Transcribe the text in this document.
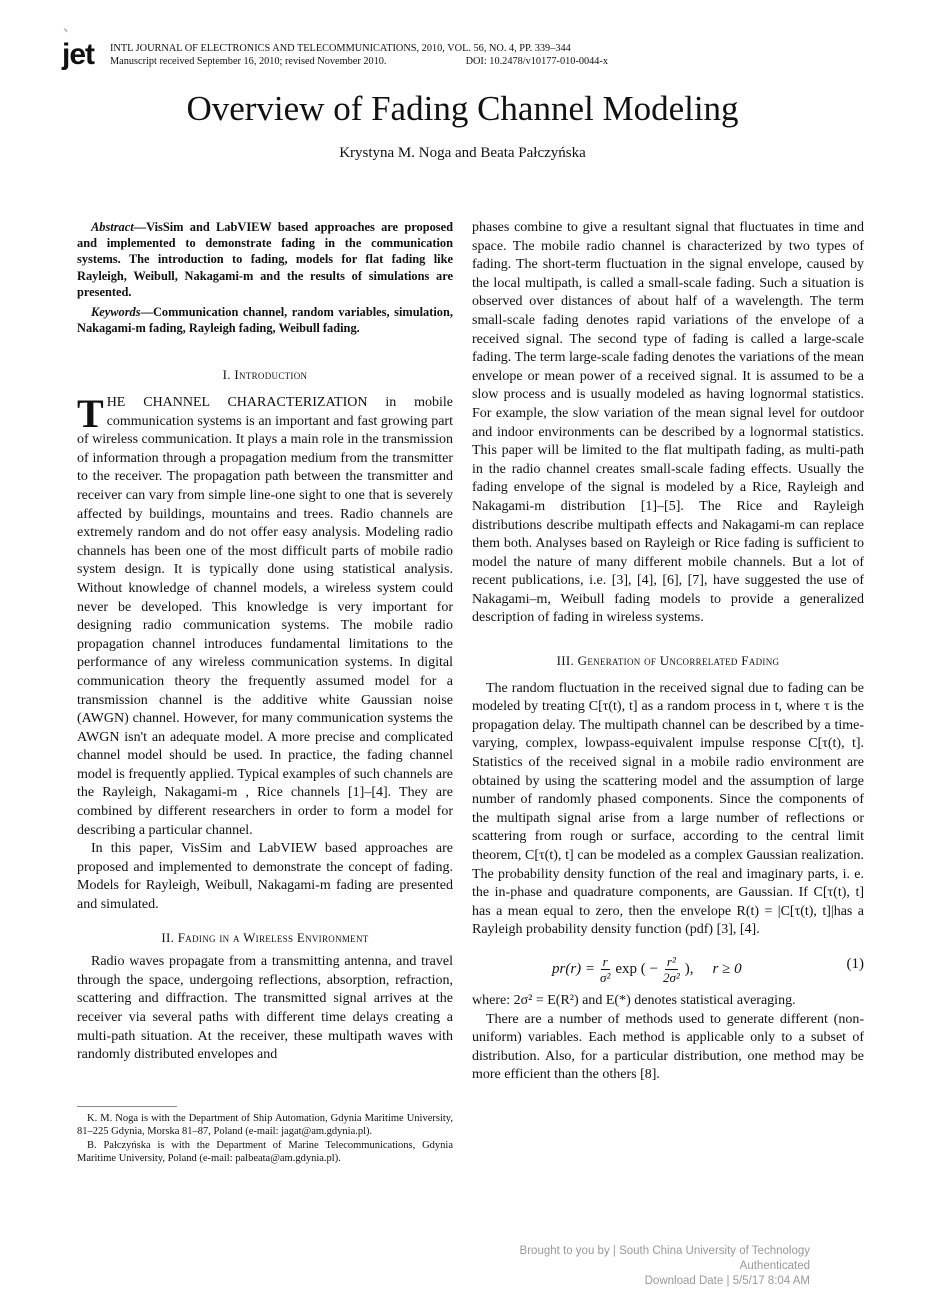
◝
jet INTL JOURNAL OF ELECTRONICS AND TELECOMMUNICATIONS, 2010, VOL. 56, NO. 4, PP. 339–344
Manuscript received September 16, 2010; revised November 2010.	DOI: 10.2478/v10177-010-0044-x
Overview of Fading Channel Modeling
Krystyna M. Noga and Beata Pałczyńska

Abstract—VisSim and LabVIEW based approaches are proposed and implemented to demonstrate fading in the communication systems. The introduction to fading, models for flat fading like Rayleigh, Weibull, Nakagami-m and the results of simulations are presented.

Keywords—Communication channel, random variables, simulation, Nakagami-m fading, Rayleigh fading, Weibull fading.

I. Introduction

THE CHANNEL CHARACTERIZATION in mobile communication systems is an important and fast growing part of wireless communication. It plays a main role in the transmission of information through a propagation medium from the transmitter to the receiver. The propagation path between the transmitter and receiver can vary from simple line-one sight to one that is severely affected by buildings, mountains and trees. Radio channels are extremely random and do not offer easy analysis. Modeling radio channels has been one of the most difficult parts of mobile radio system design. It is typically done using statistical analysis. Without knowledge of channel models, a wireless system could never be developed. This knowledge is very important for designing radio communication systems. The mobile radio propagation channel introduces fundamental limitations to the performance of any wireless communication systems. In digital communication theory the frequently assumed model for a transmission channel is the additive white Gaussian noise (AWGN) channel. However, for many communication systems the AWGN isn't an adequate model. A more precise and complicated channel model should be used. In practice, the fading channel model is frequently applied. Typical examples of such channels are the Rayleigh, Nakagami-m , Rice channels [1]–[4]. They are combined by different researchers in order to form a model for describing a particular channel.

In this paper, VisSim and LabVIEW based approaches are proposed and implemented to demonstrate the concept of fading. Models for Rayleigh, Weibull, Nakagami-m fading are presented and simulated.

II. Fading in a Wireless Environment

Radio waves propagate from a transmitting antenna, and travel through the space, undergoing reflections, absorption, refraction, scattering and diffraction. The transmitted signal arrives at the receiver via several paths with different time delays creating a multi-path situation. At the receiver, these multipath waves with randomly distributed envelopes and

K. M. Noga is with the Department of Ship Automation, Gdynia Maritime University, 81–225 Gdynia, Morska 81–87, Poland (e-mail: jagat@am.gdynia.pl).

B. Pałczyńska is with the Department of Marine Telecommunications, Gdynia Maritime University, Poland (e-mail: palbeata@am.gdynia.pl).

phases combine to give a resultant signal that fluctuates in time and space. The mobile radio channel is characterized by two types of fading. The short-term fluctuation in the signal envelope, caused by the local multipath, is called a small-scale fading. Such a situation is observed over distances of about half of a wavelength. The term small-scale fading denotes rapid variations of the envelope of a received signal. The second type of fading is called a large-scale fading. The term large-scale fading denotes the variations of the mean envelope or mean power of a received signal. It is assumed to be a slow process and is usually modeled as having lognormal statistics. For example, the slow variation of the mean signal level for outdoor and indoor environments can be described by a lognormal statistics. This paper will be limited to the flat multipath fading, as multi-path in the radio channel creates small-scale fading effects. Usually the fading envelope of the signal is modeled by a Rice, Rayleigh and Nakagami-m distribution [1]–[5]. The Rice and Rayleigh distributions describe multipath effects and Nakagami-m can replace them both. Analyses based on Rayleigh or Rice fading is sufficient to model the nature of many different mobile channels. But a lot of recent publications, i.e. [3], [4], [6], [7], have suggested the use of Nakagami–m, Weibull fading models to provide a generalized description of fading in wireless systems.

III. Generation of Uncorrelated Fading

The random fluctuation in the received signal due to fading can be modeled by treating C[τ(t), t] as a random process in t, where τ is the propagation delay. The multipath channel can be described by a time-varying, complex, lowpass-equivalent impulse response C[τ(t), t]. Statistics of the received signal in a mobile radio environment are obtained by using the scattering model and the assumption of large number of randomly phased components. Since the components of the multipath signal arise from a large number of reflections or scattering from rough or surface, according to the central limit theorem, C[τ(t), t] can be modeled as a complex Gaussian realization. The probability density function of the real and imaginary parts, i. e. the in-phase and quadrature components, are Gaussian. If C[τ(t), t] has a mean equal to zero, then the envelope R(t) = |C[τ(t), t]|has a Rayleigh probability density function (pdf) [3], [4].

$pr(r) = \frac{r}{\text{σ²}}$ exp ( − $\frac{\text{r²}}{\text{2σ²}}$ ), r ≥ 0	(1)

where: 2σ² = E(R²) and E(*) denotes statistical averaging.

There are a number of methods used to generate different (non-uniform) variables. Each method is applicable only to a subset of distribution. Also, for a particular distribution, one method may be more efficient than the others [8].

Brought to you by | South China University of Technology
Authenticated
Download Date | 5/5/17 8:04 AM
